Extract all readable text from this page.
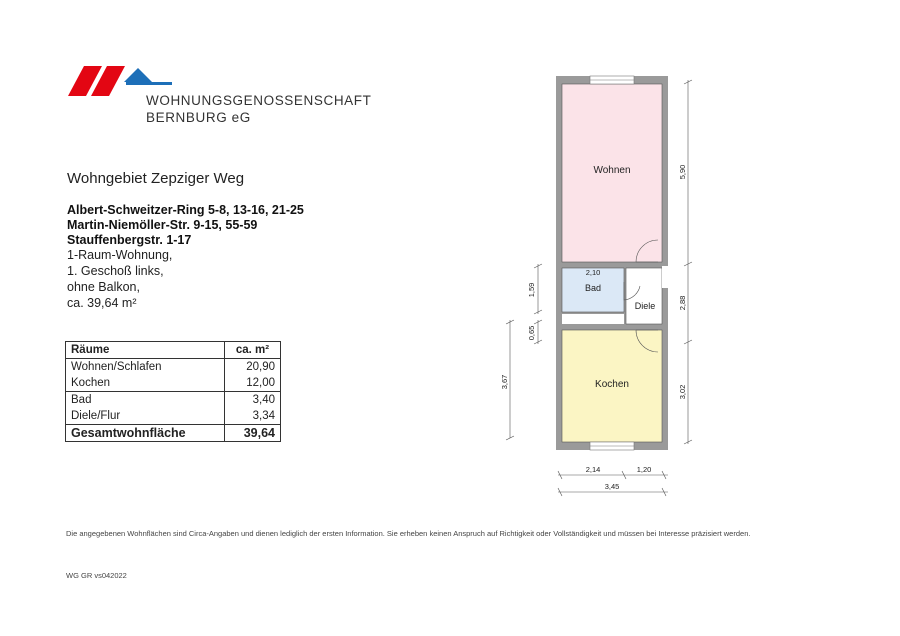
WOHNUNGSGENOSSENSCHAFT
BERNBURG eG
Wohngebiet Zepziger Weg
Albert-Schweitzer-Ring 5-8, 13-16, 21-25
Martin-Niemöller-Str. 9-15, 55-59
Stauffenbergstr. 1-17
1-Raum-Wohnung,
1. Geschoß links,
ohne Balkon,
ca. 39,64 m²
Räume	ca. m²
Wohnen/Schlafen	20,90
Kochen	12,00
Bad	3,40
Diele/Flur	3,34
Gesamtwohnfläche	39,64
Wohnen
Bad
Diele
Kochen
2,10
5,90
2,88
3,02
1,59
0,65
3,67
2,14	1,20
3,45
Die angegebenen Wohnflächen sind Circa-Angaben und dienen lediglich der ersten Information. Sie erheben keinen Anspruch auf Richtigkeit oder Vollständigkeit und müssen bei Interesse präzisiert werden.
WG GR vs042022
